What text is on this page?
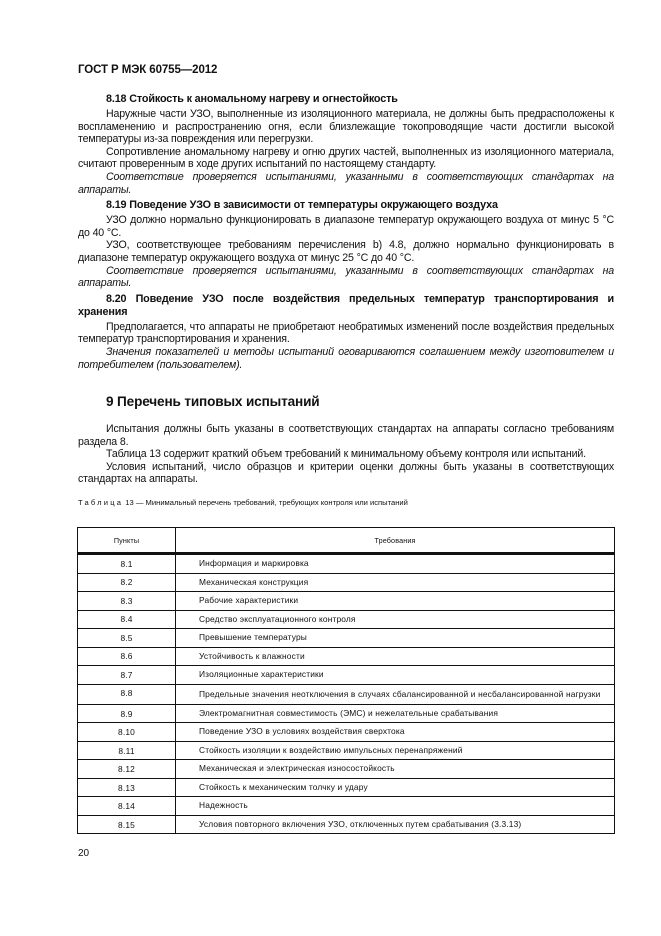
ГОСТ Р МЭК 60755—2012
8.18 Стойкость к аномальному нагреву и огнестойкость

Наружные части УЗО, выполненные из изоляционного материала, не должны быть предрасположены к воспламенению и распространению огня, если близлежащие токопроводящие части достигли высокой температуры из-за повреждения или перегрузки.

Сопротивление аномальному нагреву и огню других частей, выполненных из изоляционного материала, считают проверенным в ходе других испытаний по настоящему стандарту.

Соответствие проверяется испытаниями, указанными в соответствующих стандартах на аппараты.

8.19 Поведение УЗО в зависимости от температуры окружающего воздуха

УЗО должно нормально функционировать в диапазоне температур окружающего воздуха от минус 5 °С до 40 °С.

УЗО, соответствующее требованиям перечисления b) 4.8, должно нормально функционировать в диапазоне температур окружающего воздуха от минус 25 °С до 40 °С.

Соответствие проверяется испытаниями, указанными в соответствующих стандартах на аппараты.

8.20 Поведение УЗО после воздействия предельных температур транспортирования и хранения

Предполагается, что аппараты не приобретают необратимых изменений после воздействия предельных температур транспортирования и хранения.

Значения показателей и методы испытаний оговариваются соглашением между изготовителем и потребителем (пользователем).

9 Перечень типовых испытаний

Испытания должны быть указаны в соответствующих стандартах на аппараты согласно требованиям раздела 8.

Таблица 13 содержит краткий объем требований к минимальному объему контроля или испытаний.

Условия испытаний, число образцов и критерии оценки должны быть указаны в соответствующих стандартах на аппараты.

Таблица 13 — Минимальный перечень требований, требующих контроля или испытаний
Пункты	Требования
8.1	Информация и маркировка
8.2	Механическая конструкция
8.3	Рабочие характеристики
8.4	Средство эксплуатационного контроля
8.5	Превышение температуры
8.6	Устойчивость к влажности
8.7	Изоляционные характеристики
8.8	Предельные значения неотключения в случаях сбалансированной и несбалансированной нагрузки
8.9	Электромагнитная совместимость (ЭМС) и нежелательные срабатывания
8.10	Поведение УЗО в условиях воздействия сверхтока
8.11	Стойкость изоляции к воздействию импульсных перенапряжений
8.12	Механическая и электрическая износостойкость
8.13	Стойкость к механическим толчку и удару
8.14	Надежность
8.15	Условия повторного включения УЗО, отключенных путем срабатывания (3.3.13)
20
